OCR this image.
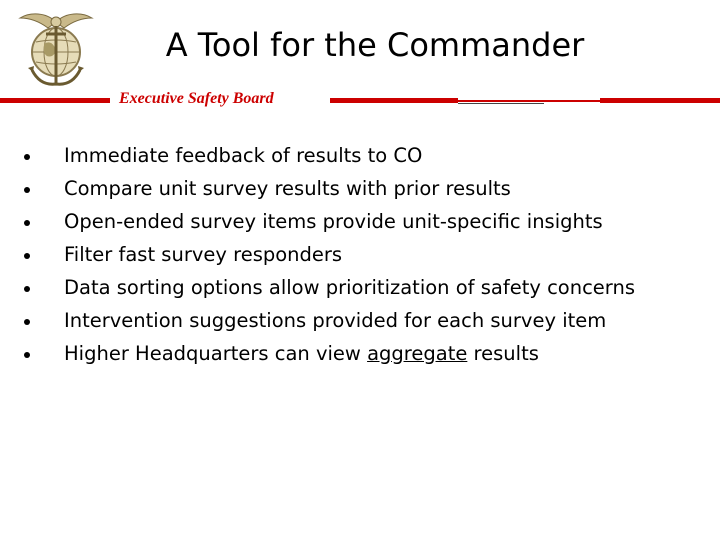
A Tool for the Commander
Executive Safety Board
Immediate feedback of results to CO
Compare unit survey results with prior results
Open-ended survey items provide unit-specific insights
Filter fast survey responders
Data sorting options allow prioritization of safety concerns
Intervention suggestions provided for each survey item
Higher Headquarters can view aggregate results
